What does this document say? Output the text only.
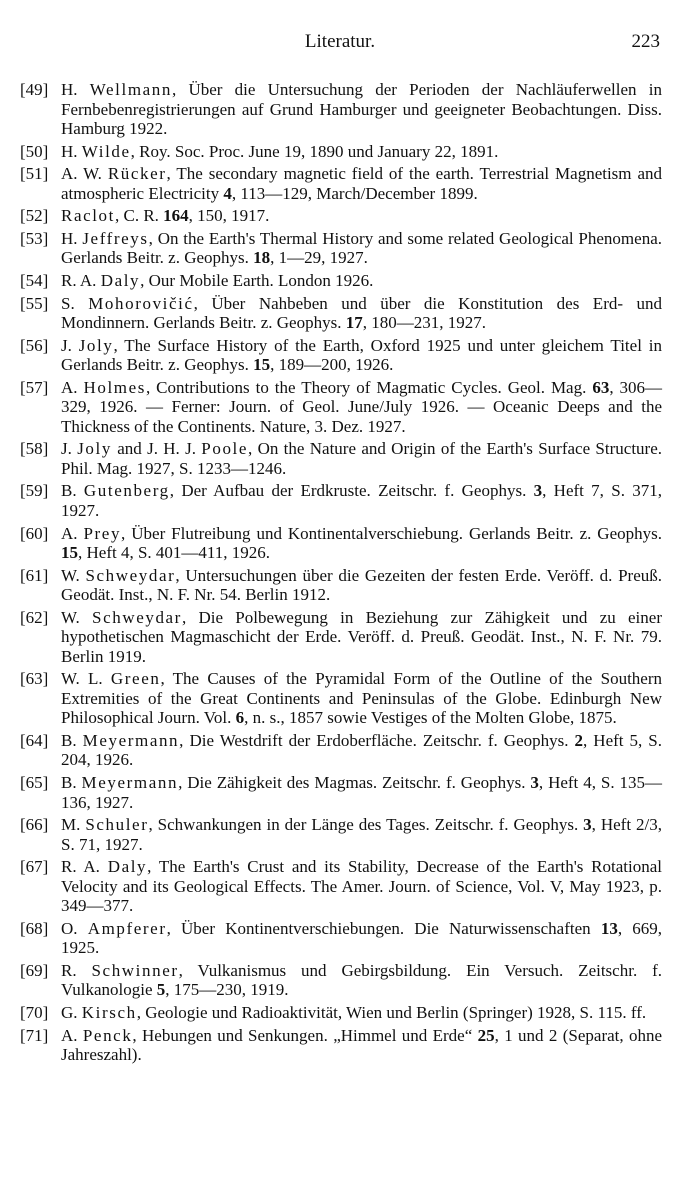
Literatur.	223
[49] H. Wellmann, Über die Untersuchung der Perioden der Nachläuferwellen in Fernbebenregistrierungen auf Grund Hamburger und geeigneter Beobachtungen. Diss. Hamburg 1922.
[50] H. Wilde, Roy. Soc. Proc. June 19, 1890 und January 22, 1891.
[51] A. W. Rücker, The secondary magnetic field of the earth. Terrestrial Magnetism and atmospheric Electricity 4, 113—129, March/December 1899.
[52] Raclot, C. R. 164, 150, 1917.
[53] H. Jeffreys, On the Earth's Thermal History and some related Geological Phenomena. Gerlands Beitr. z. Geophys. 18, 1—29, 1927.
[54] R. A. Daly, Our Mobile Earth. London 1926.
[55] S. Mohorovičić, Über Nahbeben und über die Konstitution des Erd- und Mondinnern. Gerlands Beitr. z. Geophys. 17, 180—231, 1927.
[56] J. Joly, The Surface History of the Earth, Oxford 1925 und unter gleichem Titel in Gerlands Beitr. z. Geophys. 15, 189—200, 1926.
[57] A. Holmes, Contributions to the Theory of Magmatic Cycles. Geol. Mag. 63, 306—329, 1926. — Ferner: Journ. of Geol. June/July 1926. — Oceanic Deeps and the Thickness of the Continents. Nature, 3. Dez. 1927.
[58] J. Joly and J. H. J. Poole, On the Nature and Origin of the Earth's Surface Structure. Phil. Mag. 1927, S. 1233—1246.
[59] B. Gutenberg, Der Aufbau der Erdkruste. Zeitschr. f. Geophys. 3, Heft 7, S. 371, 1927.
[60] A. Prey, Über Flutreibung und Kontinentalverschiebung. Gerlands Beitr. z. Geophys. 15, Heft 4, S. 401—411, 1926.
[61] W. Schweydar, Untersuchungen über die Gezeiten der festen Erde. Veröff. d. Preuß. Geodät. Inst., N. F. Nr. 54. Berlin 1912.
[62] W. Schweydar, Die Polbewegung in Beziehung zur Zähigkeit und zu einer hypothetischen Magmaschicht der Erde. Veröff. d. Preuß. Geodät. Inst., N. F. Nr. 79. Berlin 1919.
[63] W. L. Green, The Causes of the Pyramidal Form of the Outline of the Southern Extremities of the Great Continents and Peninsulas of the Globe. Edinburgh New Philosophical Journ. Vol. 6, n. s., 1857 sowie Vestiges of the Molten Globe, 1875.
[64] B. Meyermann, Die Westdrift der Erdoberfläche. Zeitschr. f. Geophys. 2, Heft 5, S. 204, 1926.
[65] B. Meyermann, Die Zähigkeit des Magmas. Zeitschr. f. Geophys. 3, Heft 4, S. 135—136, 1927.
[66] M. Schuler, Schwankungen in der Länge des Tages. Zeitschr. f. Geophys. 3, Heft 2/3, S. 71, 1927.
[67] R. A. Daly, The Earth's Crust and its Stability, Decrease of the Earth's Rotational Velocity and its Geological Effects. The Amer. Journ. of Science, Vol. V, May 1923, p. 349—377.
[68] O. Ampferer, Über Kontinentverschiebungen. Die Naturwissenschaften 13, 669, 1925.
[69] R. Schwinner, Vulkanismus und Gebirgsbildung. Ein Versuch. Zeitschr. f. Vulkanologie 5, 175—230, 1919.
[70] G. Kirsch, Geologie und Radioaktivität, Wien und Berlin (Springer) 1928, S. 115. ff.
[71] A. Penck, Hebungen und Senkungen. „Himmel und Erde“ 25, 1 und 2 (Separat, ohne Jahreszahl).
